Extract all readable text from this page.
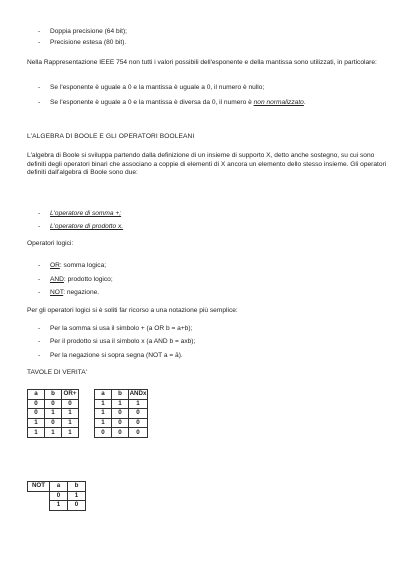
- Doppia precisione (64 bit);
- Precisione estesa (80 bit).
Nella Rappresentazione IEEE 754 non tutti i valori possibili dell'esponente e della mantissa sono utilizzati, in particolare:
- Se l'esponente è uguale a 0 e la mantissa è uguale a 0, il numero è nullo;
- Se l'esponente è uguale a 0 e la mantissa è diversa da 0, il numero è non normalizzato.
L'ALGEBRA DI BOOLE E GLI OPERATORI BOOLEANI
L'algebra di Boole si sviluppa partendo dalla definizione di un insieme di supporto X, detto anche sostegno, su cui sono definiti degli operatori binari che associano a coppie di elementi di X ancora un elemento dello stesso insieme. Gli operatori definiti dall'algebra di Boole sono due:
- L'operatore di somma +;
- L'operatore di prodotto x.
Operatori logici:
- OR: somma logica;
- AND: prodotto logico;
- NOT: negazione.
Per gli operatori logici si è soliti far ricorso a una notazione più semplice:
- Per la somma si usa il simbolo + (a OR b = a+b);
- Per il prodotto si usa il simbolo x (a AND b = axb);
- Per la negazione si sopra segna (NOT a = ā).
TAVOLE DI VERITA'
a	b	OR+
0	0	0
0	1	1
1	0	1
1	1	1
a	b	ANDx
1	1	1
1	0	0
1	0	0
0	0	0
NOT	a	b
	0	1
	1	0
